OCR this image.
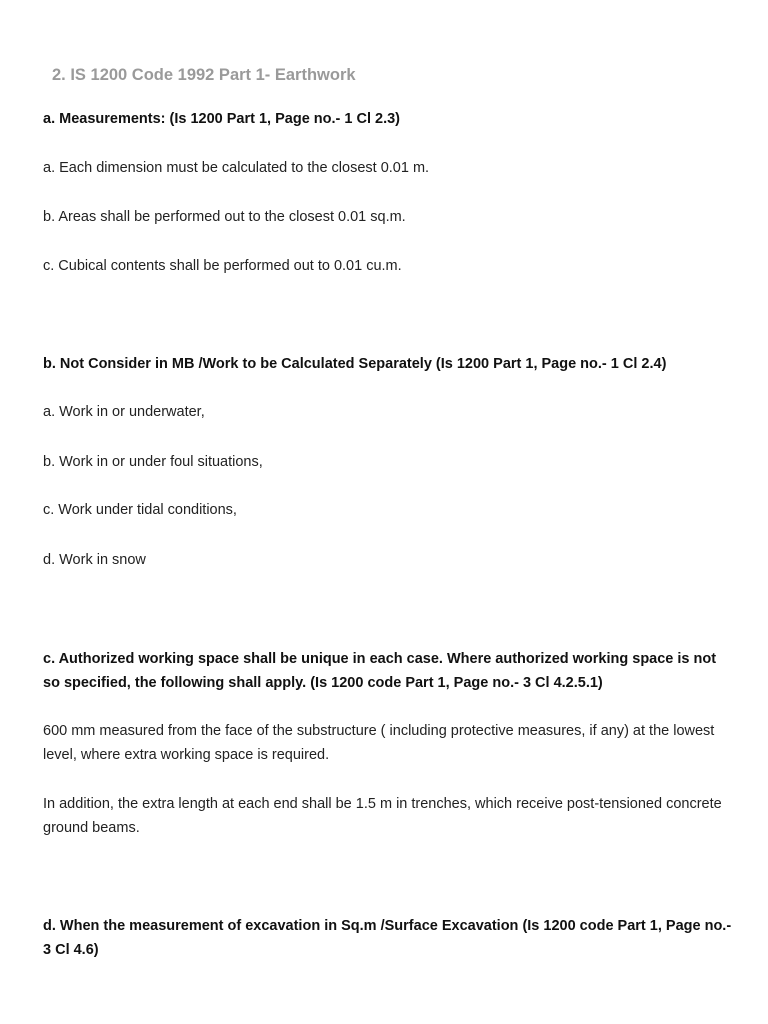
2. IS 1200 Code 1992 Part 1- Earthwork
a. Measurements: (Is 1200 Part 1, Page no.- 1 Cl 2.3)
a. Each dimension must be calculated to the closest 0.01 m.
b. Areas shall be performed out to the closest 0.01 sq.m.
c. Cubical contents shall be performed out to 0.01 cu.m.
b. Not Consider in MB /Work to be Calculated Separately (Is 1200 Part 1, Page no.- 1 Cl 2.4)
a. Work in or underwater,
b. Work in or under foul situations,
c. Work under tidal conditions,
d. Work in snow
c. Authorized working space shall be unique in each case. Where authorized working space is not so specified, the following shall apply. (Is 1200 code Part 1, Page no.- 3 Cl 4.2.5.1)
600 mm measured from the face of the substructure ( including protective measures, if any) at the lowest level, where extra working space is required.
In addition, the extra length at each end shall be 1.5 m in trenches, which receive post-tensioned concrete ground beams.
d. When the measurement of excavation in Sq.m /Surface Excavation (Is 1200 code Part 1, Page no.- 3 Cl 4.6)
